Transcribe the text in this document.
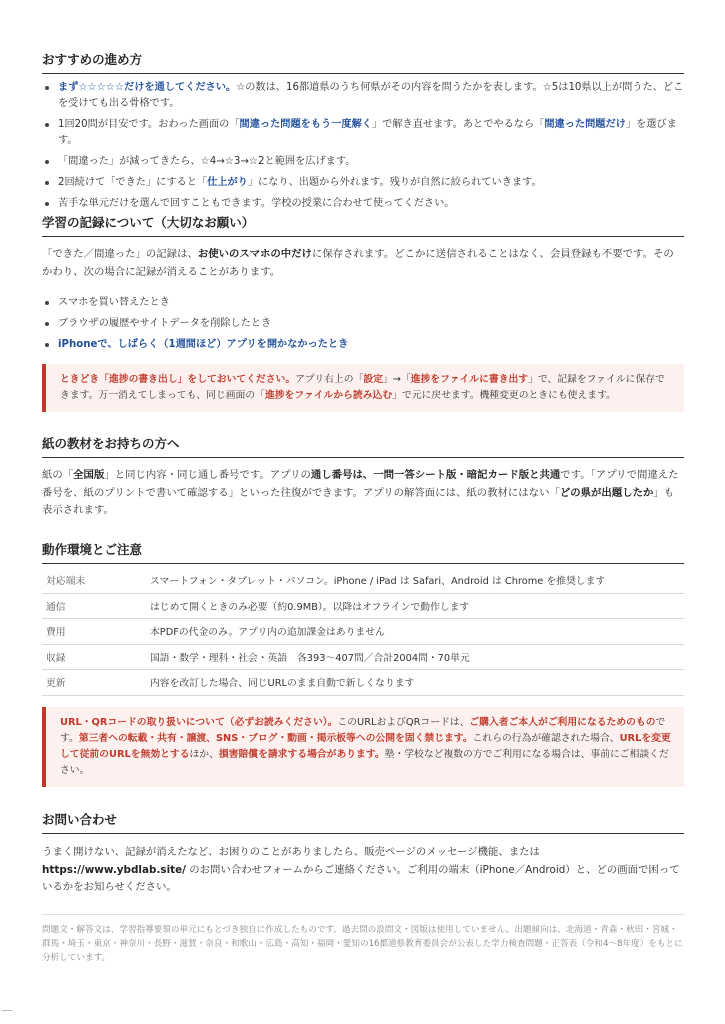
おすすめの進め方
まず☆☆☆☆☆だけを通してください。☆の数は、16都道県のうち何県がその内容を問うたかを表します。☆5は10県以上が問うた、どこを受けても出る骨格です。
1回20問が目安です。おわった画面の「間違った問題をもう一度解く」で解き直せます。あとでやるなら「間違った問題だけ」を選びます。
「間違った」が減ってきたら、☆4→☆3→☆2と範囲を広げます。
2回続けて「できた」にすると「仕上がり」になり、出題から外れます。残りが自然に絞られていきます。
苦手な単元だけを選んで回すこともできます。学校の授業に合わせて使ってください。
学習の記録について（大切なお願い）

「できた／間違った」の記録は、お使いのスマホの中だけに保存されます。どこかに送信されることはなく、会員登録も不要です。そのかわり、次の場合に記録が消えることがあります。

スマホを買い替えたとき
ブラウザの履歴やサイトデータを削除したとき
iPhoneで、しばらく（1週間ほど）アプリを開かなかったとき
ときどき「進捗の書き出し」をしておいてください。アプリ右上の「設定」→「進捗をファイルに書き出す」で、記録をファイルに保存できます。万一消えてしまっても、同じ画面の「進捗をファイルから読み込む」で元に戻せます。機種変更のときにも使えます。
紙の教材をお持ちの方へ

紙の「全国版」と同じ内容・同じ通し番号です。アプリの通し番号は、一問一答シート版・暗記カード版と共通です。「アプリで間違えた番号を、紙のプリントで書いて確認する」といった往復ができます。アプリの解答面には、紙の教材にはない「どの県が出題したか」も表示されます。

動作環境とご注意
対応端末	スマートフォン・タブレット・パソコン。iPhone / iPad は Safari、Android は Chrome を推奨します
通信	はじめて開くときのみ必要（約0.9MB）。以降はオフラインで動作します
費用	本PDFの代金のみ。アプリ内の追加課金はありません
収録	国語・数学・理科・社会・英語　各393〜407問／合計2004問・70単元
更新	内容を改訂した場合、同じURLのまま自動で新しくなります
URL・QRコードの取り扱いについて（必ずお読みください）。このURLおよびQRコードは、ご購入者ご本人がご利用になるためのものです。第三者への転載・共有・譲渡、SNS・ブログ・動画・掲示板等への公開を固く禁じます。これらの行為が確認された場合、URLを変更して従前のURLを無効とするほか、損害賠償を請求する場合があります。塾・学校など複数の方でご利用になる場合は、事前にご相談ください。
お問い合わせ

うまく開けない、記録が消えたなど、お困りのことがありましたら、販売ページのメッセージ機能、または
https://www.ybdlab.site/ のお問い合わせフォームからご連絡ください。ご利用の端末（iPhone／Android）と、どの画面で困っているかをお知らせください。

問題文・解答文は、学習指導要領の単元にもとづき独自に作成したものです。過去問の設問文・図版は使用していません。出題傾向は、北海道・青森・秋田・宮城・群馬・埼玉・東京・神奈川・長野・滋賀・奈良・和歌山・広島・高知・福岡・愛知の16都道県教育委員会が公表した学力検査問題・正答表（令和4〜8年度）をもとに分析しています。
